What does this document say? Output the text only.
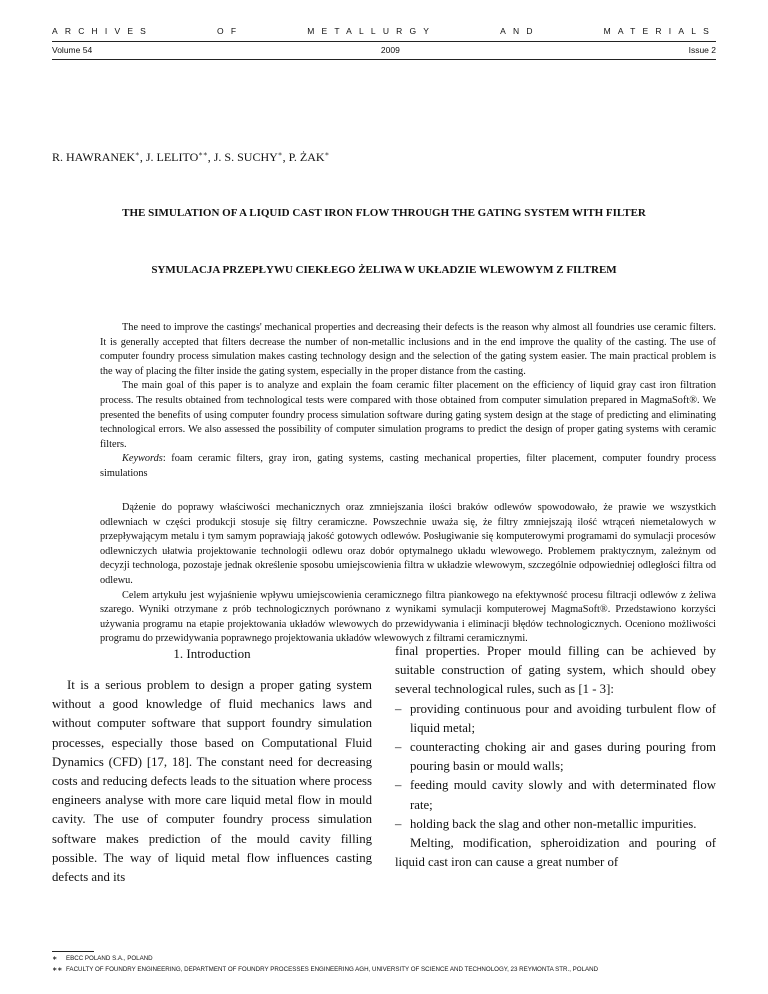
ARCHIVES	OF	METALLURGY	AND	MATERIALS
Volume 54	2009	Issue 2
R. HAWRANEK∗, J. LELITO∗∗, J. S. SUCHY∗, P. ŻAK∗
THE SIMULATION OF A LIQUID CAST IRON FLOW THROUGH THE GATING SYSTEM WITH FILTER
SYMULACJA PRZEPŁYWU CIEKŁEGO ŻELIWA W UKŁADZIE WLEWOWYM Z FILTREM

The need to improve the castings' mechanical properties and decreasing their defects is the reason why almost all foundries use ceramic filters. It is generally accepted that filters decrease the number of non-metallic inclusions and in the end improve the quality of the casting. The use of computer foundry process simulation makes casting technology design and the selection of the gating system easier. The main practical problem is the way of placing the filter inside the gating system, especially in the proper distance from the casting.

The main goal of this paper is to analyze and explain the foam ceramic filter placement on the efficiency of liquid gray cast iron filtration process. The results obtained from technological tests were compared with those obtained from computer simulation prepared in MagmaSoft®. We presented the benefits of using computer foundry process simulation software during gating system design at the stage of predicting and eliminating technological errors. We also assessed the possibility of computer simulation programs to predict the design of proper gating systems with ceramic filters.

Keywords: foam ceramic filters, gray iron, gating systems, casting mechanical properties, filter placement, computer foundry process simulations

Dążenie do poprawy właściwości mechanicznych oraz zmniejszania ilości braków odlewów spowodowało, że prawie we wszystkich odlewniach w części produkcji stosuje się filtry ceramiczne. Powszechnie uważa się, że filtry zmniejszają ilość wtrąceń niemetalowych w przepływającym metalu i tym samym poprawiają jakość gotowych odlewów. Posługiwanie się komputerowymi programami do symulacji procesów odlewniczych ułatwia projektowanie technologii odlewu oraz dobór optymalnego układu wlewowego. Problemem praktycznym, zależnym od decyzji technologa, pozostaje jednak określenie sposobu umiejscowienia filtra w układzie wlewowym, szczególnie odpowiedniej odległości filtra od odlewu.

Celem artykułu jest wyjaśnienie wpływu umiejscowienia ceramicznego filtra piankowego na efektywność procesu filtracji odlewów z żeliwa szarego. Wyniki otrzymane z prób technologicznych porównano z wynikami symulacji komputerowej MagmaSoft®. Przedstawiono korzyści używania programu na etapie projektowania układów wlewowych do przewidywania i eliminacji błędów technologicznych. Oceniono możliwości programu do przewidywania poprawnego projektowania układów wlewowych z filtrami ceramicznymi.

1. Introduction

It is a serious problem to design a proper gating system without a good knowledge of fluid mechanics laws and without computer software that support foundry simulation processes, especially those based on Computational Fluid Dynamics (CFD) [17, 18]. The constant need for decreasing costs and reducing defects leads to the situation where process engineers analyse with more care liquid metal flow in mould cavity. The use of computer foundry process simulation software makes prediction of the mould cavity filling possible. The way of liquid metal flow influences casting defects and its

final properties. Proper mould filling can be achieved by suitable construction of gating system, which should obey several technological rules, such as [1 - 3]:

– providing continuous pour and avoiding turbulent flow of liquid metal;
– counteracting choking air and gases during pouring from pouring basin or mould walls;
– feeding mould cavity slowly and with determinated flow rate;
– holding back the slag and other non-metallic impurities.

Melting, modification, spheroidization and pouring of liquid cast iron can cause a great number of

∗ EBCC POLAND S.A., POLAND
∗∗ FACULTY OF FOUNDRY ENGINEERING, DEPARTMENT OF FOUNDRY PROCESSES ENGINEERING AGH, UNIVERSITY OF SCIENCE AND TECHNOLOGY, 23 REYMONTA STR., POLAND
